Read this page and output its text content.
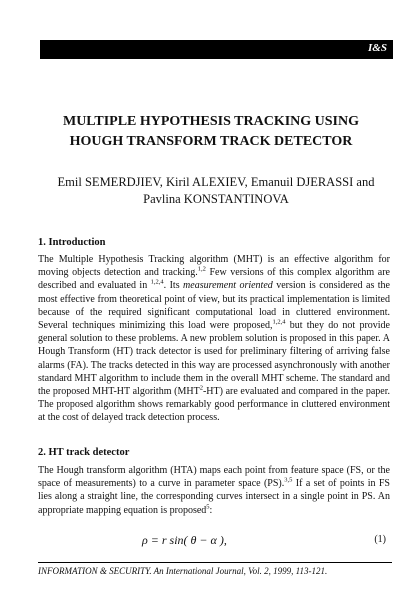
I&S
MULTIPLE HYPOTHESIS TRACKING USING
HOUGH TRANSFORM TRACK DETECTOR

Emil SEMERDJIEV, Kiril ALEXIEV, Emanuil DJERASSI and
Pavlina KONSTANTINOVA

1. Introduction

The Multiple Hypothesis Tracking algorithm (MHT) is an effective algorithm for moving objects detection and tracking.$^{1,2}$ Few versions of this complex algorithm are described and evaluated in $^{1,2,4}$. Its measurement oriented version is considered as the most effective from theoretical point of view, but its practical implementation is limited because of the required significant computational load in cluttered environment. Several techniques minimizing this load were proposed,$^{1,2,4}$ but they do not provide general solution to these problems. A new problem solution is proposed in this paper. A Hough Transform (HT) track detector is used for preliminary filtering of arriving false alarms (FA). The tracks detected in this way are processed asynchronously with another standard MHT algorithm to include them in the overall MHT scheme. The standard and the proposed MHT-HT algorithm (MHT$^2$-HT) are evaluated and compared in the paper. The proposed algorithm shows remarkably good performance in cluttered environment at the cost of delayed track detection process.

2. HT track detector

The Hough transform algorithm (HTA) maps each point from feature space (FS, or the space of measurements) to a curve in parameter space (PS).$^{3,5}$ If a set of points in FS lies along a straight line, the corresponding curves intersect in a single point in PS. An appropriate mapping equation is proposed$^5$:

ρ = r sin( θ − α ),	(1)

INFORMATION & SECURITY. An International Journal, Vol. 2, 1999, 113-121.
